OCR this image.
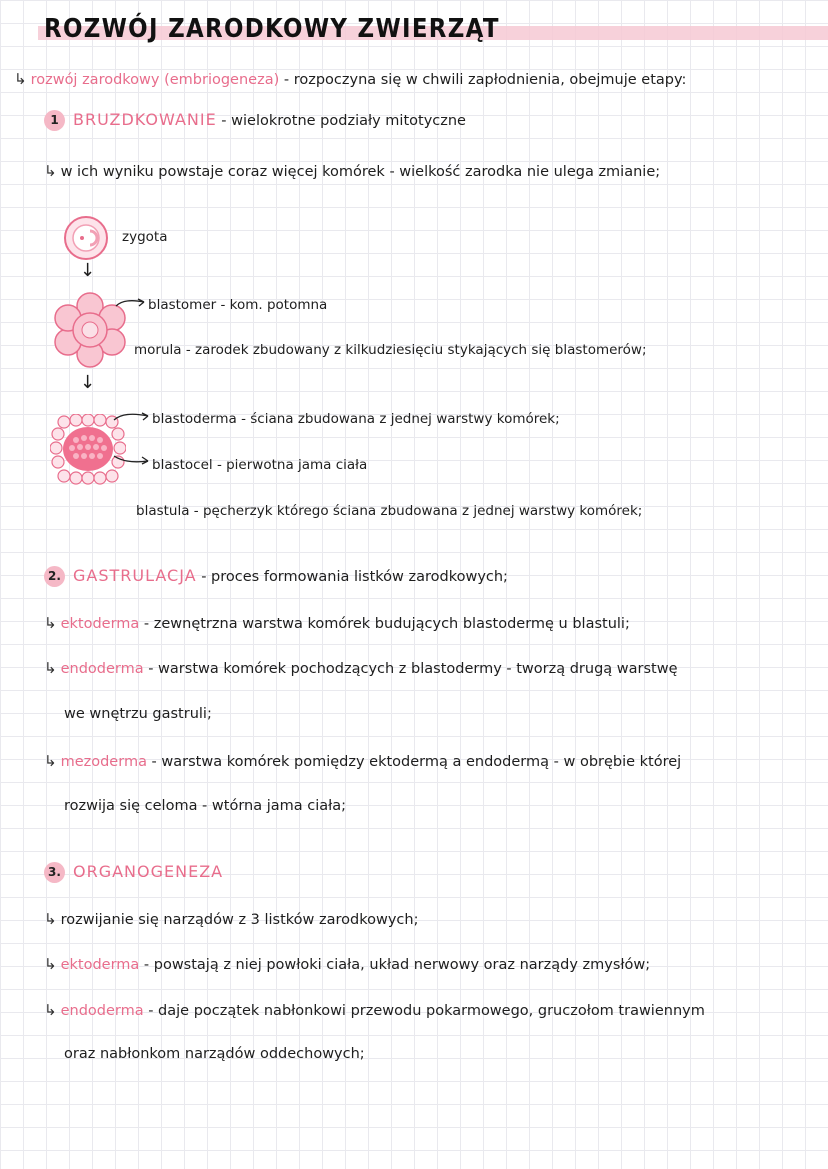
ROZWÓJ ZARODKOWY ZWIERZĄT
↳ rozwój zarodkowy (embriogeneza) - rozpoczyna się w chwili zapłodnienia, obejmuje etapy:
1 BRUZDKOWANIE - wielokrotne podziały mitotyczne
↳ w ich wyniku powstaje coraz więcej komórek - wielkość zarodka nie ulega zmianie;
zygota
↓
blastomer - kom. potomna
morula - zarodek zbudowany z kilkudziesięciu stykających się blastomerów;
↓
blastoderma - ściana zbudowana z jednej warstwy komórek;
blastocel - pierwotna jama ciała
blastula - pęcherzyk którego ściana zbudowana z jednej warstwy komórek;
2. GASTRULACJA - proces formowania listków zarodkowych;
↳ ektoderma - zewnętrzna warstwa komórek budujących blastodermę u blastuli;
↳ endoderma - warstwa komórek pochodzących z blastodermy - tworzą drugą warstwę
we wnętrzu gastruli;
↳ mezoderma - warstwa komórek pomiędzy ektodermą a endodermą - w obrębie której
rozwija się celoma - wtórna jama ciała;
3. ORGANOGENEZA
↳ rozwijanie się narządów z 3 listków zarodkowych;
↳ ektoderma - powstają z niej powłoki ciała, układ nerwowy oraz narządy zmysłów;
↳ endoderma - daje początek nabłonkowi przewodu pokarmowego, gruczołom trawiennym
oraz nabłonkom narządów oddechowych;
